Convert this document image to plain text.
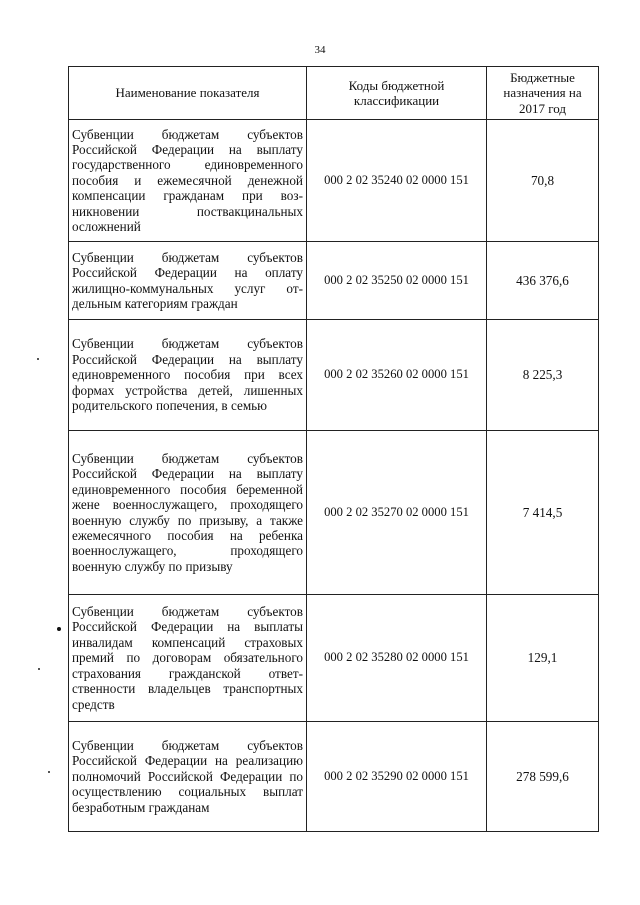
34
Наименование показателя	Коды бюджетной классификации	Бюджетные назначения на 2017 год
Субвенции бюджетам субъектов Российской Федерации на выплату государственного единовременного пособия и ежемесячной денежной компенсации гражданам при возникновении поствакцинальных осложнений	000 2 02 35240 02 0000 151	70,8
Субвенции бюджетам субъектов Российской Федерации на оплату жилищно-коммунальных услуг отдельным категориям граждан	000 2 02 35250 02 0000 151	436 376,6
Субвенции бюджетам субъектов Российской Федерации на выплату единовременного пособия при всех формах устройства детей, лишенных родительского попечения, в семью	000 2 02 35260 02 0000 151	8 225,3
Субвенции бюджетам субъектов Российской Федерации на выплату единовременного пособия беременной жене военнослужащего, проходящего военную службу по призыву, а также ежемесячного пособия на ребенка военнослужащего, проходящего военную службу по призыву	000 2 02 35270 02 0000 151	7 414,5
Субвенции бюджетам субъектов Российской Федерации на выплаты инвалидам компенсаций страховых премий по договорам обязательного страхования гражданской ответственности владельцев транспортных средств	000 2 02 35280 02 0000 151	129,1
Субвенции бюджетам субъектов Российской Федерации на реализацию полномочий Российской Федерации по осуществлению социальных выплат безработным гражданам	000 2 02 35290 02 0000 151	278 599,6
